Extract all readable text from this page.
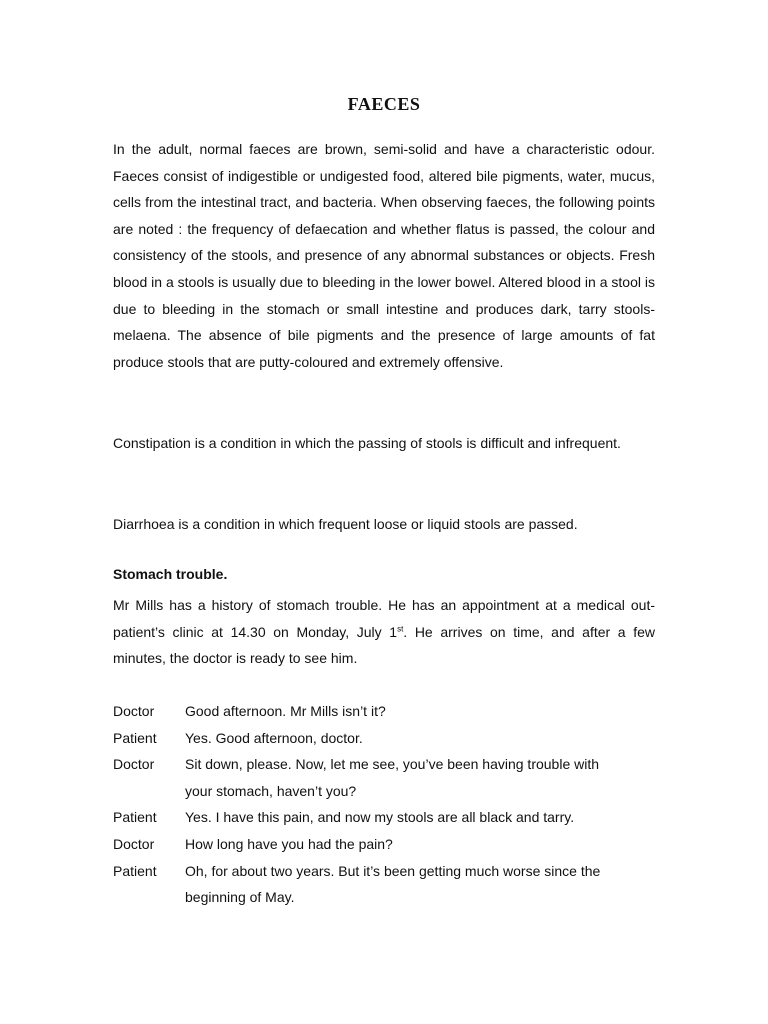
FAECES

In the adult, normal faeces are brown, semi-solid and have a characteristic odour. Faeces consist of indigestible or undigested food, altered bile pigments, water, mucus, cells from the intestinal tract, and bacteria. When observing faeces, the following points are noted : the frequency of defaecation and whether flatus is passed, the colour and consistency of the stools, and presence of any abnormal substances or objects. Fresh blood in a stools is usually due to bleeding in the lower bowel. Altered blood in a stool is due to bleeding in the stomach or small intestine and produces dark, tarry stools-melaena. The absence of bile pigments and the presence of large amounts of fat produce stools that are putty-coloured and extremely offensive.

Constipation is a condition in which the passing of stools is difficult and infrequent.

Diarrhoea is a condition in which frequent loose or liquid stools are passed.

Stomach trouble.

Mr Mills has a history of stomach trouble. He has an appointment at a medical out-patient’s clinic at 14.30 on Monday, July 1st. He arrives on time, and after a few minutes, the doctor is ready to see him.

Doctor	Good afternoon. Mr Mills isn’t it?
Patient	Yes. Good afternoon, doctor.
Doctor	Sit down, please. Now, let me see, you’ve been having trouble with
your stomach, haven’t you?
Patient	Yes. I have this pain, and now my stools are all black and tarry.
Doctor	How long have you had the pain?
Patient	Oh, for about two years. But it’s been getting much worse since the
beginning of May.
